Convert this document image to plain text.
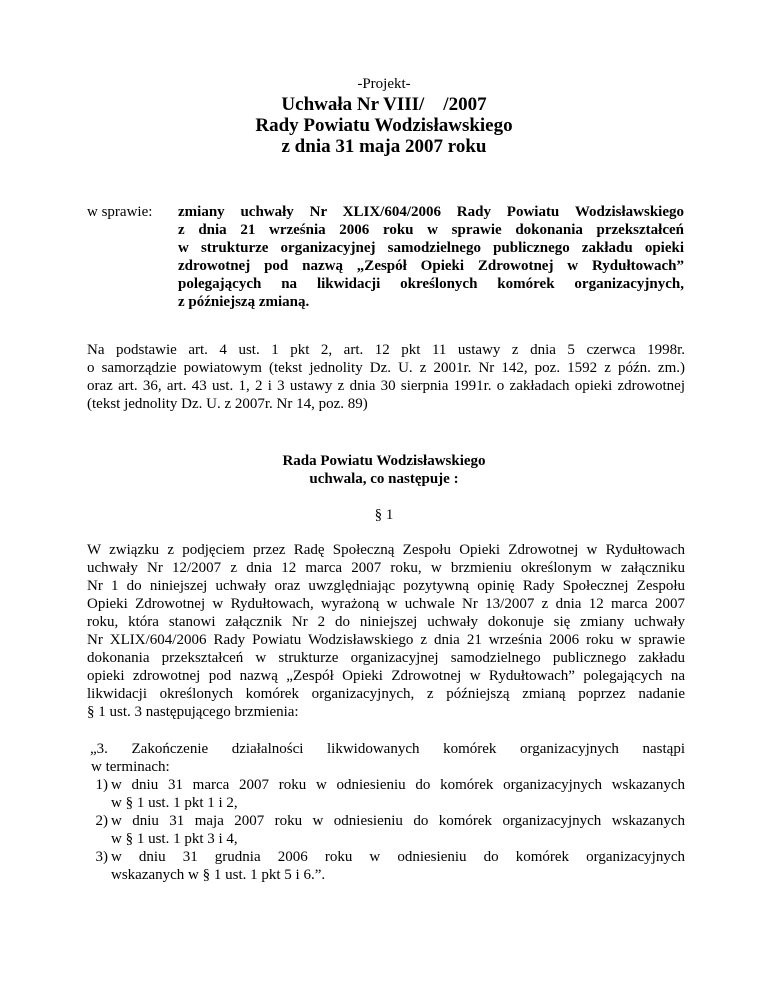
-Projekt-
Uchwała Nr VIII/    /2007
Rady Powiatu Wodzisławskiego
z dnia 31 maja 2007 roku
w sprawie: zmiany uchwały Nr XLIX/604/2006 Rady Powiatu Wodzisławskiego
z dnia 21 września 2006 roku w sprawie dokonania przekształceń
w strukturze organizacyjnej samodzielnego publicznego zakładu opieki
zdrowotnej pod nazwą „Zespół Opieki Zdrowotnej w Rydułtowach”
polegających na likwidacji określonych komórek organizacyjnych,
z późniejszą zmianą.
Na podstawie art. 4 ust. 1 pkt 2, art. 12 pkt 11 ustawy z dnia 5 czerwca 1998r.
o samorządzie powiatowym (tekst jednolity Dz. U. z 2001r. Nr 142, poz. 1592 z późn. zm.)
oraz art. 36, art. 43 ust. 1, 2 i 3 ustawy z dnia 30 sierpnia 1991r. o zakładach opieki zdrowotnej
(tekst jednolity Dz. U. z 2007r. Nr 14, poz. 89)
Rada Powiatu Wodzisławskiego
uchwala, co następuje :
§ 1
W związku z podjęciem przez Radę Społeczną Zespołu Opieki Zdrowotnej w Rydułtowach
uchwały Nr 12/2007 z dnia 12 marca 2007 roku, w brzmieniu określonym w załączniku
Nr 1 do niniejszej uchwały oraz uwzględniając pozytywną opinię Rady Społecznej Zespołu
Opieki Zdrowotnej w Rydułtowach, wyrażoną w uchwale Nr 13/2007 z dnia 12 marca 2007
roku, która stanowi załącznik Nr 2 do niniejszej uchwały dokonuje się zmiany uchwały
Nr XLIX/604/2006 Rady Powiatu Wodzisławskiego z dnia 21 września 2006 roku w sprawie
dokonania przekształceń w strukturze organizacyjnej samodzielnego publicznego zakładu
opieki zdrowotnej pod nazwą „Zespół Opieki Zdrowotnej w Rydułtowach” polegających na
likwidacji określonych komórek organizacyjnych, z późniejszą zmianą poprzez nadanie
§ 1 ust. 3 następującego brzmienia:
„3. Zakończenie działalności likwidowanych komórek organizacyjnych nastąpi
w terminach:
1) w dniu 31 marca 2007 roku w odniesieniu do komórek organizacyjnych wskazanych
w § 1 ust. 1 pkt 1 i 2,
2) w dniu 31 maja 2007 roku w odniesieniu do komórek organizacyjnych wskazanych
w § 1 ust. 1 pkt 3 i 4,
3) w dniu 31 grudnia 2006 roku w odniesieniu do komórek organizacyjnych
wskazanych w § 1 ust. 1 pkt 5 i 6.”.
